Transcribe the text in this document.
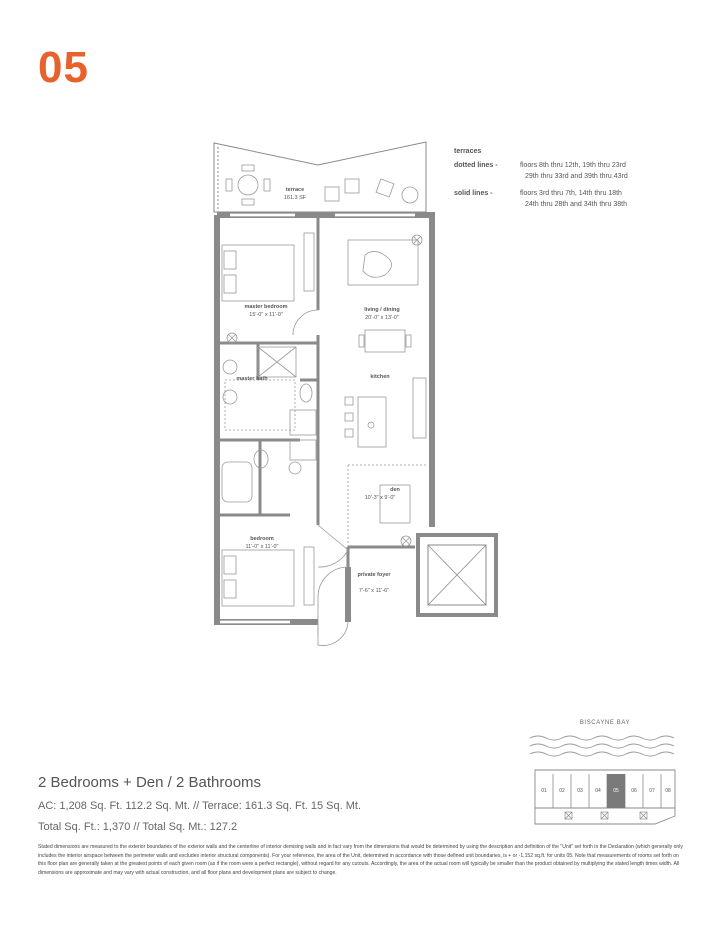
05
terrace
161.3 SF
master bedroom
15'-0" x 11'-0"
living / dining
20'-0" x 13'-0"
master bath	kitchen
den
10'-3" x 9'-0"
bedroom
11'-0" x 11'-0"
private foyer
7'-6" x 11'-6"
terraces
dotted lines -	floors 8th thru 12th, 19th thru 23rd
29th thru 33rd and 39th thru 43rd
solid lines -	floors 3rd thru 7th, 14th thru 18th
24th thru 28th and 34th thru 38th
2 Bedrooms + Den / 2 Bathrooms
AC: 1,208 Sq. Ft. 112.2 Sq. Mt. // Terrace: 161.3 Sq. Ft. 15 Sq. Mt.
Total Sq. Ft.: 1,370 // Total Sq. Mt.: 127.2
BISCAYNE BAY
01 02 03 04 05 06 07 08
Stated dimensions are measured to the exterior boundaries of the exterior walls and the centerline of interior demising walls and in fact vary from the dimensions that would be determined by using the description and definition of the "Unit" set forth in the Declaration (which generally only includes the interior airspace between the perimeter walls and excludes interior structural components). For your reference, the area of the Unit, determined in accordance with those defined unit boundaries, is + or -1,152 sq.ft. for units 05. Note that measurements of rooms set forth on this floor plan are generally taken at the greatest points of each given room (as if the room were a perfect rectangle), without regard for any cutouts. Accordingly, the area of the actual room will typically be smaller than the product obtained by multiplying the stated length times width. All dimensions are approximate and may vary with actual construction, and all floor plans and development plans are subject to change.
